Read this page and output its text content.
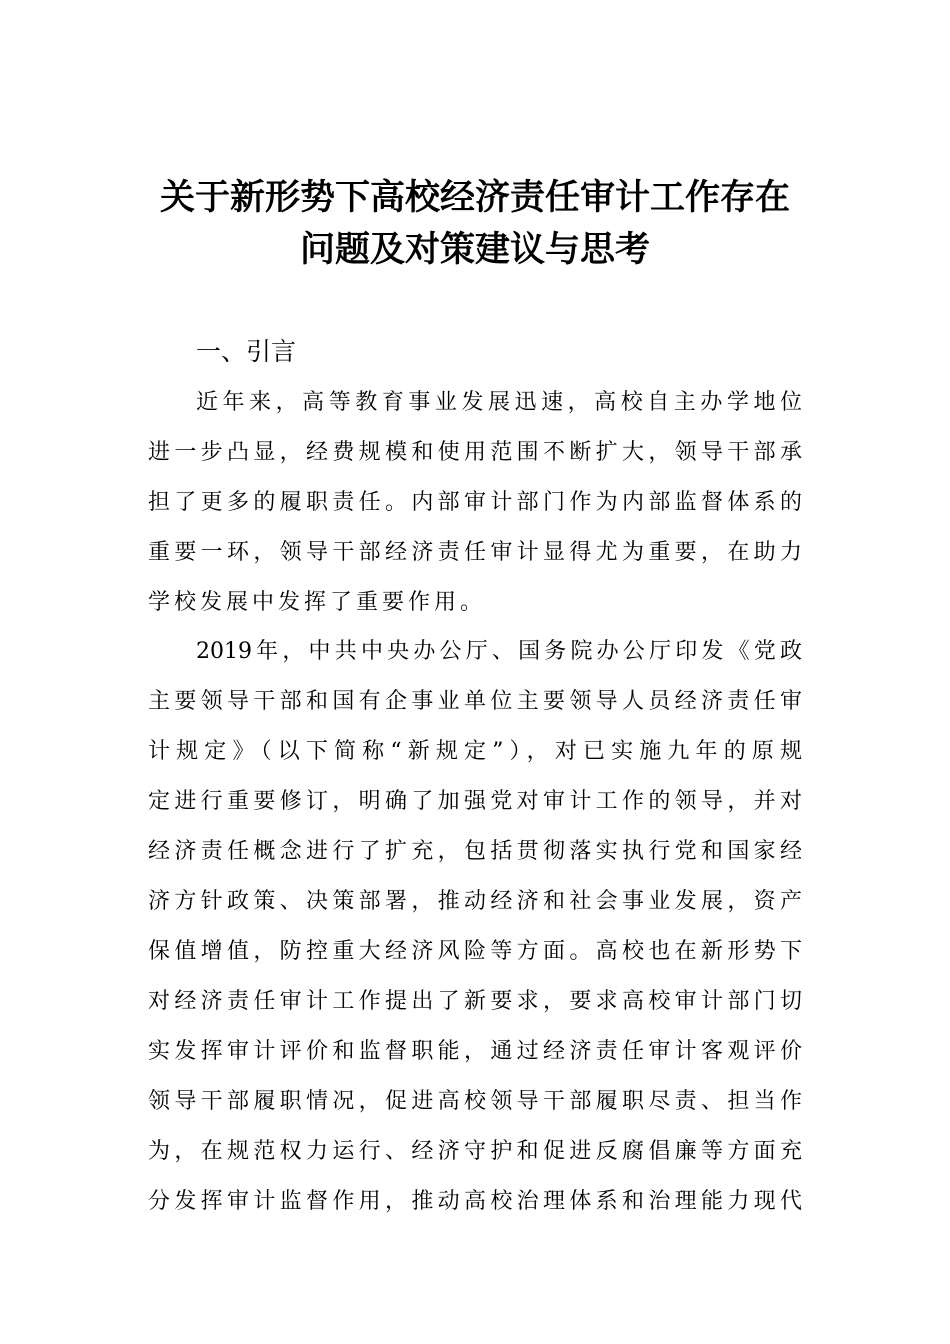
关于新形势下高校经济责任审计工作存在
问题及对策建议与思考
一、引言
近年来，高等教育事业发展迅速，高校自主办学地位
进一步凸显，经费规模和使用范围不断扩大，领导干部承
担了更多的履职责任。内部审计部门作为内部监督体系的
重要一环，领导干部经济责任审计显得尤为重要，在助力
学校发展中发挥了重要作用。
2019年，中共中央办公厅、国务院办公厅印发《党政
主要领导干部和国有企事业单位主要领导人员经济责任审
计规定》（以下简称“新规定”），对已实施九年的原规
定进行重要修订，明确了加强党对审计工作的领导，并对
经济责任概念进行了扩充，包括贯彻落实执行党和国家经
济方针政策、决策部署，推动经济和社会事业发展，资产
保值增值，防控重大经济风险等方面。高校也在新形势下
对经济责任审计工作提出了新要求，要求高校审计部门切
实发挥审计评价和监督职能，通过经济责任审计客观评价
领导干部履职情况，促进高校领导干部履职尽责、担当作
为，在规范权力运行、经济守护和促进反腐倡廉等方面充
分发挥审计监督作用，推动高校治理体系和治理能力现代
